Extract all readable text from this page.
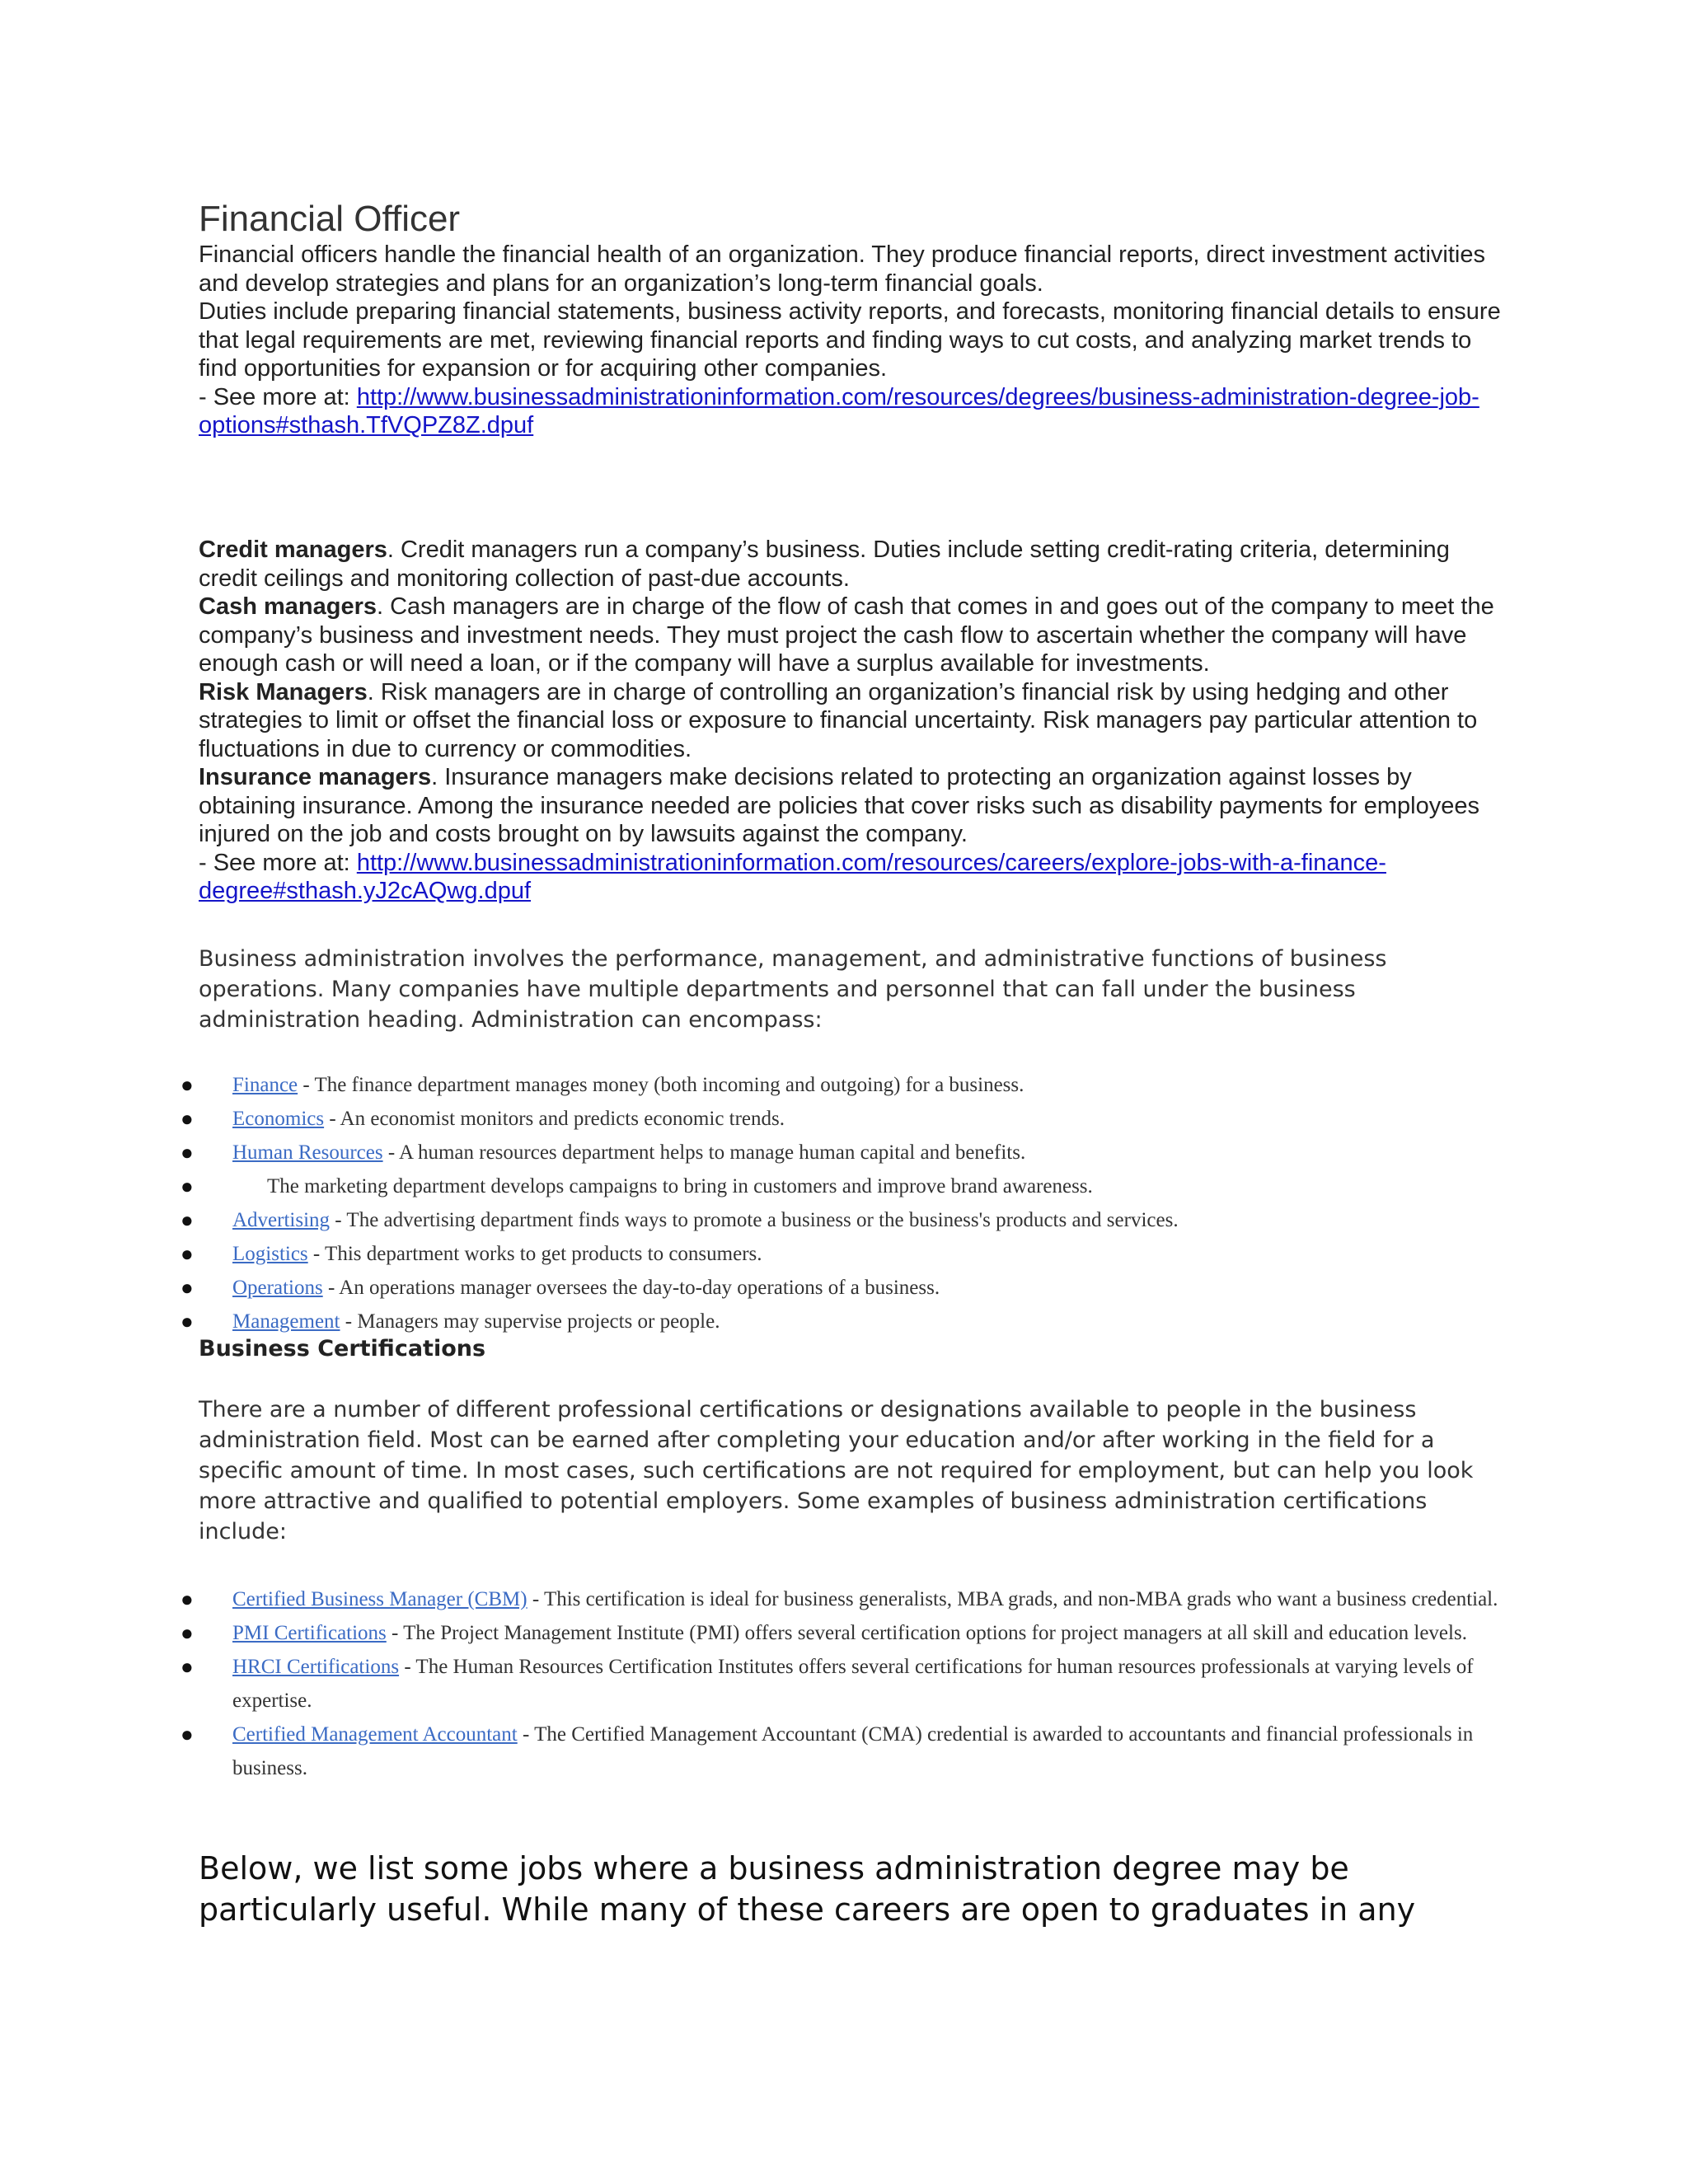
Financial Officer

Financial officers handle the financial health of an organization. They produce financial reports, direct investment activities and develop strategies and plans for an organization’s long-term financial goals.

Duties include preparing financial statements, business activity reports, and forecasts, monitoring financial details to ensure that legal requirements are met, reviewing financial reports and finding ways to cut costs, and analyzing market trends to find opportunities for expansion or for acquiring other companies.

- See more at: http://www.businessadministrationinformation.com/resources/degrees/business-administration-degree-job-options#sthash.TfVQPZ8Z.dpuf

Credit managers. Credit managers run a company’s business. Duties include setting credit-rating criteria, determining credit ceilings and monitoring collection of past-due accounts.

Cash managers. Cash managers are in charge of the flow of cash that comes in and goes out of the company to meet the company’s business and investment needs. They must project the cash flow to ascertain whether the company will have enough cash or will need a loan, or if the company will have a surplus available for investments.

Risk Managers. Risk managers are in charge of controlling an organization’s financial risk by using hedging and other strategies to limit or offset the financial loss or exposure to financial uncertainty. Risk managers pay particular attention to fluctuations in due to currency or commodities.

Insurance managers. Insurance managers make decisions related to protecting an organization against losses by obtaining insurance. Among the insurance needed are policies that cover risks such as disability payments for employees injured on the job and costs brought on by lawsuits against the company.

- See more at: http://www.businessadministrationinformation.com/resources/careers/explore-jobs-with-a-finance-degree#sthash.yJ2cAQwg.dpuf

Business administration involves the performance, management, and administrative functions of business operations. Many companies have multiple departments and personnel that can fall under the business administration heading. Administration can encompass:

● Finance - The finance department manages money (both incoming and outgoing) for a business.
● Economics - An economist monitors and predicts economic trends.
● Human Resources - A human resources department helps to manage human capital and benefits.
●	The marketing department develops campaigns to bring in customers and improve brand awareness.
● Advertising - The advertising department finds ways to promote a business or the business's products and services.
● Logistics - This department works to get products to consumers.
● Operations - An operations manager oversees the day-to-day operations of a business.
● Management - Managers may supervise projects or people.
Business Certifications

There are a number of different professional certifications or designations available to people in the business administration field. Most can be earned after completing your education and/or after working in the field for a specific amount of time. In most cases, such certifications are not required for employment, but can help you look more attractive and qualified to potential employers. Some examples of business administration certifications include:

● Certified Business Manager (CBM) - This certification is ideal for business generalists, MBA grads, and non-MBA grads who want a business credential.
● PMI Certifications - The Project Management Institute (PMI) offers several certification options for project managers at all skill and education levels.
● HRCI Certifications - The Human Resources Certification Institutes offers several certifications for human resources professionals at varying levels of expertise.
● Certified Management Accountant - The Certified Management Accountant (CMA) credential is awarded to accountants and financial professionals in business.

Below, we list some jobs where a business administration degree may be particularly useful. While many of these careers are open to graduates in any
